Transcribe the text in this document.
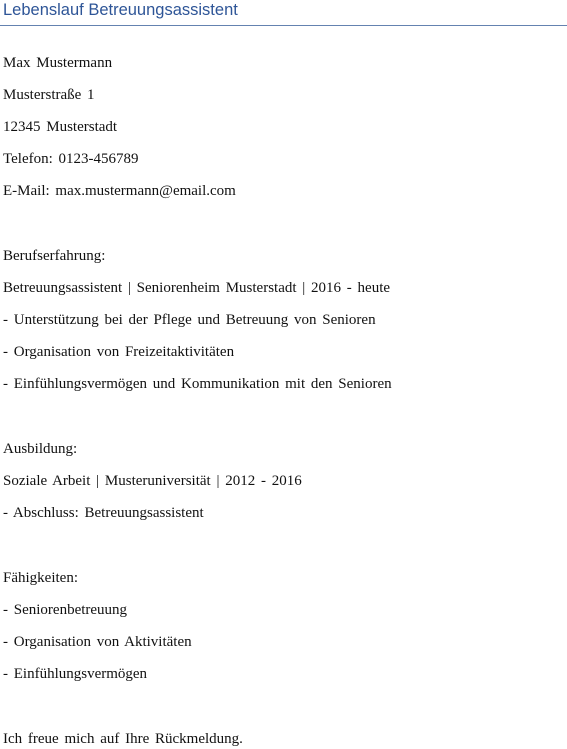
Lebenslauf Betreuungsassistent
Max Mustermann
Musterstraße 1
12345 Musterstadt
Telefon: 0123-456789
E-Mail: max.mustermann@email.com
Berufserfahrung:
Betreuungsassistent | Seniorenheim Musterstadt | 2016 - heute
- Unterstützung bei der Pflege und Betreuung von Senioren
- Organisation von Freizeitaktivitäten
- Einfühlungsvermögen und Kommunikation mit den Senioren
Ausbildung:
Soziale Arbeit | Musteruniversität | 2012 - 2016
- Abschluss: Betreuungsassistent
Fähigkeiten:
- Seniorenbetreuung
- Organisation von Aktivitäten
- Einfühlungsvermögen
Ich freue mich auf Ihre Rückmeldung.
